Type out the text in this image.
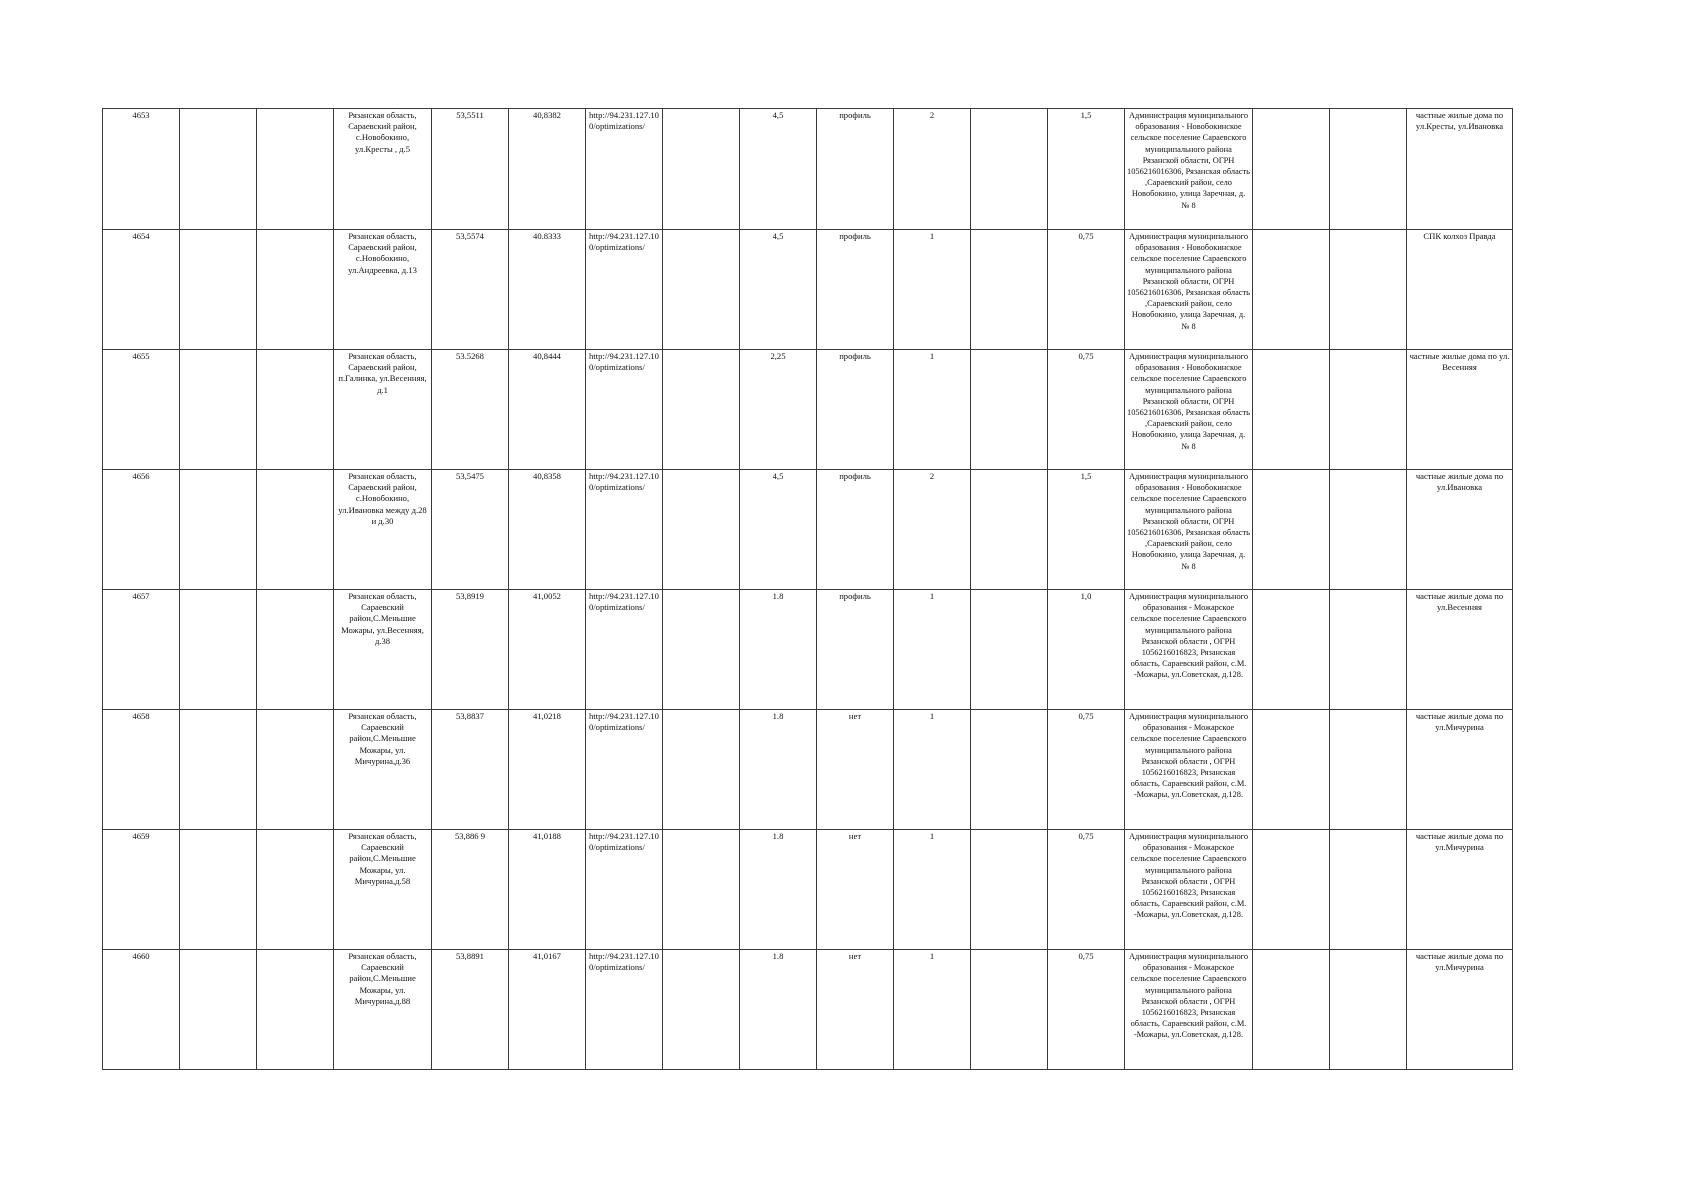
4653			Рязанская область, Сараевский район, с.Новобокино, ул.Кресты , д.5	53,5511	40,8382	http://94.231.127.10 0/optimizations/		4,5	профиль	2		1,5	Администрация муниципального образования - Новобокинское сельское поселение Сараевского муниципального района Рязанской области, ОГРН 1056216016306, Рязанская область ,Сараевский район, село Новобокино, улица Заречная, д. № 8			частные жилые дома по ул.Кресты, ул.Ивановка
4654			Рязанская область, Сараевский район, с.Новобокино, ул.Андреевка, д.13	53,5574	40.8333	http://94.231.127.10 0/optimizations/		4,5	профиль	1		0,75	Администрация муниципального образования - Новобокинское сельское поселение Сараевского муниципального района Рязанской области, ОГРН 1056216016306, Рязанская область ,Сараевский район, село Новобокино, улица Заречная, д. № 8			СПК колхоз Правда
4655			Рязанская область, Сараевский район, п.Галинка, ул.Весенняя, д.1	53.5268	40,8444	http://94.231.127.10 0/optimizations/		2,25	профиль	1		0,75	Администрация муниципального образования - Новобокинское сельское поселение Сараевского муниципального района Рязанской области, ОГРН 1056216016306, Рязанская область ,Сараевский район, село Новобокино, улица Заречная, д. № 8			частные жилые дома по ул. Весенняя
4656			Рязанская область, Сараевский район, с.Новобокино, ул.Ивановка между д.28 и д.30	53,5475	40,8358	http://94.231.127.10 0/optimizations/		4,5	профиль	2		1,5	Администрация муниципального образования - Новобокинское сельское поселение Сараевского муниципального района Рязанской области, ОГРН 1056216016306, Рязанская область ,Сараевский район, село Новобокино, улица Заречная, д. № 8			частные жилые дома по ул.Ивановка
4657			Рязанская область, Сараевский район,С.Меньшие Можары, ул.Весенняя, д.38	53,8919	41,0052	http://94.231.127.10 0/optimizations/		1.8	профиль	1		1,0	Администрация муниципального образования - Можарское сельское поселение Сараевского муниципального района Рязанской области , ОГРН 1056216016823, Рязанская область, Сараевский район, с.М. -Можары, ул.Советская, д.128.			частные жилые дома по ул.Весенняя
4658			Рязанская область, Сараевский район,С.Меньшие Можары, ул. Мичурина,д.36	53,8837	41,0218	http://94.231.127.10 0/optimizations/		1.8	нет	1		0,75	Администрация муниципального образования - Можарское сельское поселение Сараевского муниципального района Рязанской области , ОГРН 1056216016823, Рязанская область, Сараевский район, с.М. -Можары, ул.Советская, д.128.			частные жилые дома по ул.Мичурина
4659			Рязанская область, Сараевский район,С.Меньшие Можары, ул. Мичурина,д.58	53,886 9	41,0188	http://94.231.127.10 0/optimizations/		1.8	нет	1		0,75	Администрация муниципального образования - Можарское сельское поселение Сараевского муниципального района Рязанской области , ОГРН 1056216016823, Рязанская область, Сараевский район, с.М. -Можары, ул.Советская, д.128.			частные жилые дома по ул.Мичурина
4660			Рязанская область, Сараевский район,С.Меньшие Можары, ул. Мичурина,д.88	53,8891	41,0167	http://94.231.127.10 0/optimizations/		1.8	нет	1		0,75	Администрация муниципального образования - Можарское сельское поселение Сараевского муниципального района Рязанской области , ОГРН 1056216016823, Рязанская область, Сараевский район, с.М. -Можары, ул.Советская, д.128.			частные жилые дома по ул.Мичурина
